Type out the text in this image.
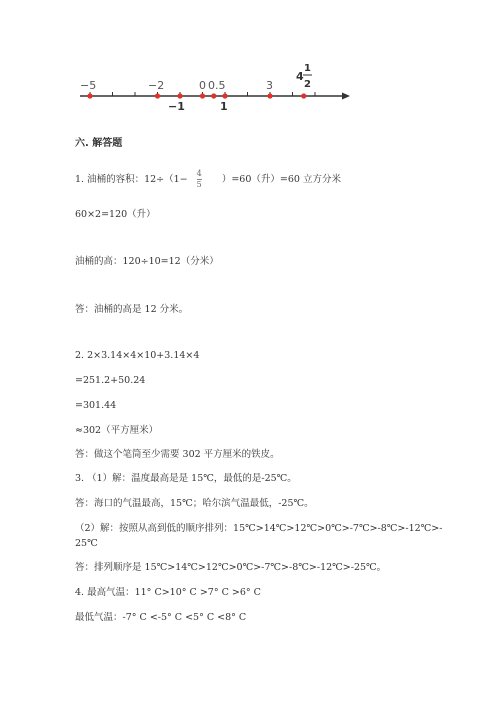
−5	−2	0 0.5	3
4
1
2
−1	1
六. 解答题
1. 油桶的容积：$12\div(1- \frac{4}{5} )=60$（升）=60 立方分米
60×2=120（升）
油桶的高：120÷10=12（分米）
答：油桶的高是 12 分米。
2. 2×3.14×4×10+3.14×4
=251.2+50.24
=301.44
≈302（平方厘米）
答：做这个笔筒至少需要 302 平方厘米的铁皮。
3. （1）解：温度最高是是 15℃，最低的是-25℃。
答：海口的气温最高，15℃；哈尔滨气温最低，-25℃。
（2）解：按照从高到低的顺序排列：15℃>14℃>12℃>0℃>-7℃>-8℃>-12℃>-
25℃
答：排列顺序是 15℃>14℃>12℃>0℃>-7℃>-8℃>-12℃>-25℃。
4. 最高气温：11° C>10° C >7° C >6° C
最低气温：-7° C <-5° C <5° C <8° C
